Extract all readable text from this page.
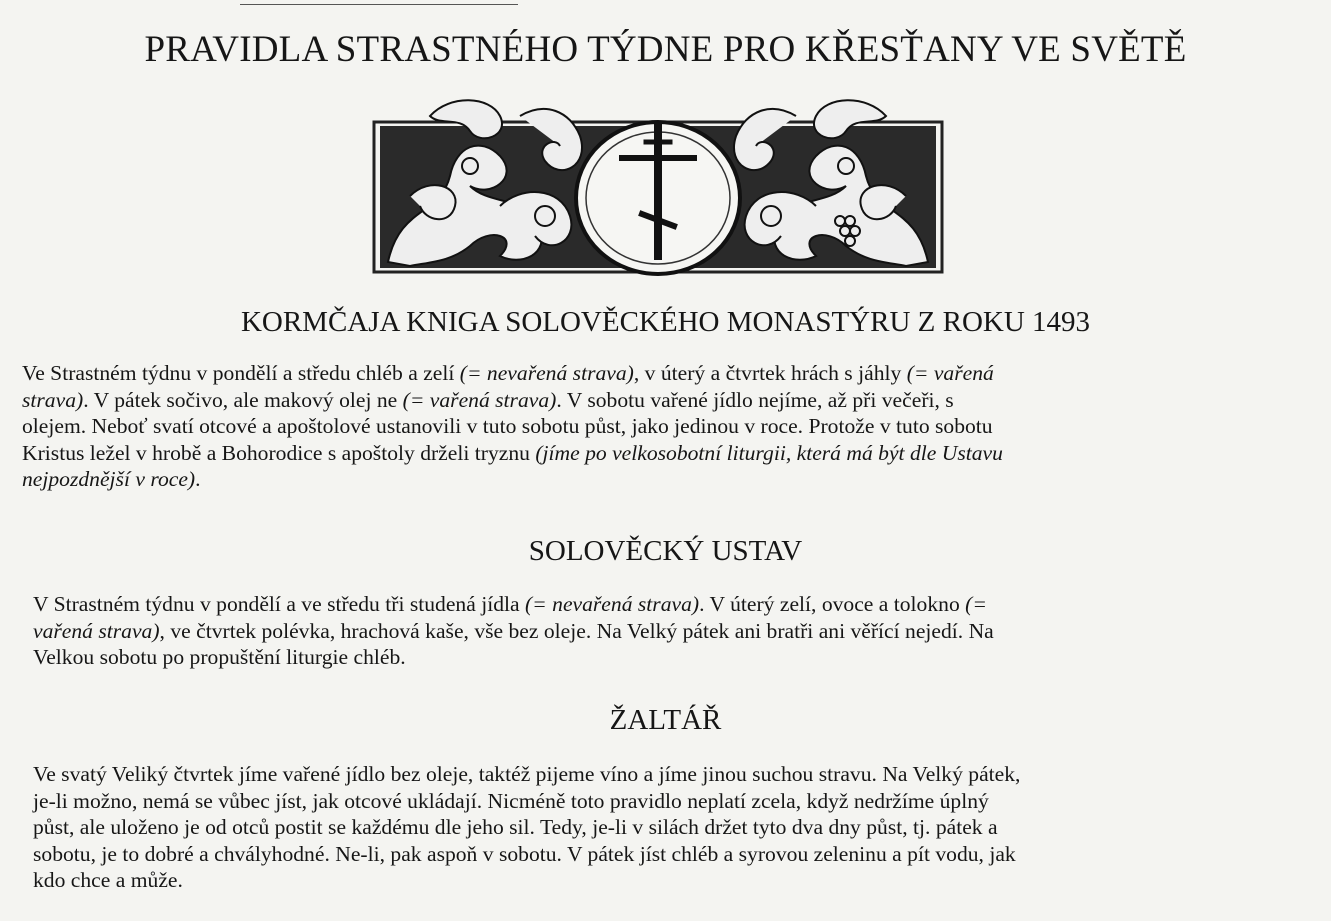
PRAVIDLA STRASTNÉHO TÝDNE PRO KŘESŤANY VE SVĚTĚ
KORMČAJA KNIGA SOLOVĚCKÉHO MONASTÝRU Z ROKU 1493

Ve Strastném týdnu v pondělí a středu chléb a zelí (= nevařená strava), v úterý a čtvrtek hrách s jáhly (= vařená
strava). V pátek sočivo, ale makový olej ne (= vařená strava). V sobotu vařené jídlo nejíme, až při večeři, s
olejem. Neboť svatí otcové a apoštolové ustanovili v tuto sobotu půst, jako jedinou v roce. Protože v tuto sobotu
Kristus ležel v hrobě a Bohorodice s apoštoly drželi tryznu (jíme po velkosobotní liturgii, která má být dle Ustavu
nejpozdnější v roce).

SOLOVĚCKÝ USTAV

V Strastném týdnu v pondělí a ve středu tři studená jídla (= nevařená strava). V úterý zelí, ovoce a tolokno (=
vařená strava), ve čtvrtek polévka, hrachová kaše, vše bez oleje. Na Velký pátek ani bratři ani věřící nejedí. Na
Velkou sobotu po propuštění liturgie chléb.

ŽALTÁŘ

Ve svatý Veliký čtvrtek jíme vařené jídlo bez oleje, taktéž pijeme víno a jíme jinou suchou stravu. Na Velký pátek,
je-li možno, nemá se vůbec jíst, jak otcové ukládají. Nicméně toto pravidlo neplatí zcela, když nedržíme úplný
půst, ale uloženo je od otců postit se každému dle jeho sil. Tedy, je-li v silách držet tyto dva dny půst, tj. pátek a
sobotu, je to dobré a chvályhodné. Ne-li, pak aspoň v sobotu. V pátek jíst chléb a syrovou zeleninu a pít vodu, jak
kdo chce a může.
